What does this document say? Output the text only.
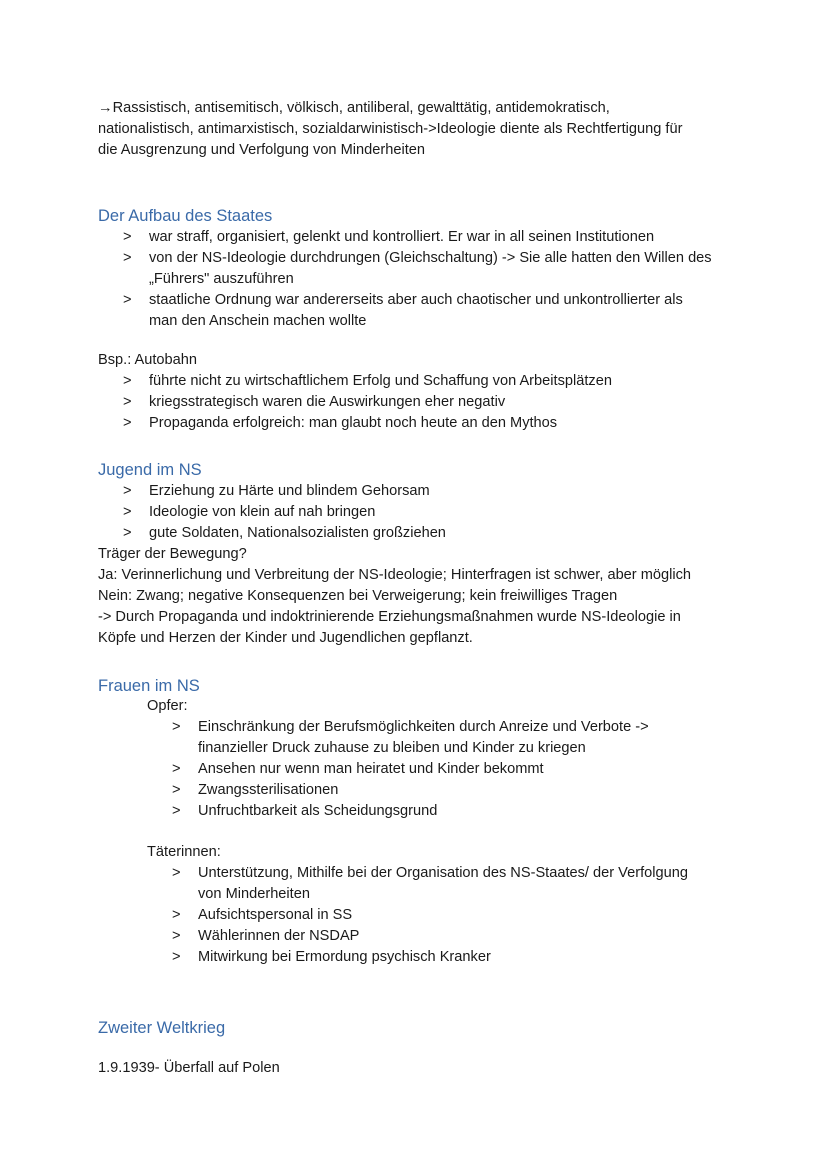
→Rassistisch, antisemitisch, völkisch, antiliberal, gewalttätig, antidemokratisch,
nationalistisch, antimarxistisch, sozialdarwinistisch->Ideologie diente als Rechtfertigung für
die Ausgrenzung und Verfolgung von Minderheiten
Der Aufbau des Staates
>	war straff, organisiert, gelenkt und kontrolliert. Er war in all seinen Institutionen
>	von der NS-Ideologie durchdrungen (Gleichschaltung) -> Sie alle hatten den Willen des
„Führers" auszuführen
>	staatliche Ordnung war andererseits aber auch chaotischer und unkontrollierter als
man den Anschein machen wollte
Bsp.: Autobahn
>	führte nicht zu wirtschaftlichem Erfolg und Schaffung von Arbeitsplätzen
>	kriegsstrategisch waren die Auswirkungen eher negativ
>	Propaganda erfolgreich: man glaubt noch heute an den Mythos
Jugend im NS
>	Erziehung zu Härte und blindem Gehorsam
>	Ideologie von klein auf nah bringen
>	gute Soldaten, Nationalsozialisten großziehen
Träger der Bewegung?
Ja: Verinnerlichung und Verbreitung der NS-Ideologie; Hinterfragen ist schwer, aber möglich
Nein: Zwang; negative Konsequenzen bei Verweigerung; kein freiwilliges Tragen
-> Durch Propaganda und indoktrinierende Erziehungsmaßnahmen wurde NS-Ideologie in
Köpfe und Herzen der Kinder und Jugendlichen gepflanzt.
Frauen im NS
Opfer:
>	Einschränkung der Berufsmöglichkeiten durch Anreize und Verbote ->
finanzieller Druck zuhause zu bleiben und Kinder zu kriegen
>	Ansehen nur wenn man heiratet und Kinder bekommt
>	Zwangssterilisationen
>	Unfruchtbarkeit als Scheidungsgrund
Täterinnen:
>	Unterstützung, Mithilfe bei der Organisation des NS-Staates/ der Verfolgung
von Minderheiten
>	Aufsichtspersonal in SS
>	Wählerinnen der NSDAP
>	Mitwirkung bei Ermordung psychisch Kranker
Zweiter Weltkrieg
1.9.1939- Überfall auf Polen
